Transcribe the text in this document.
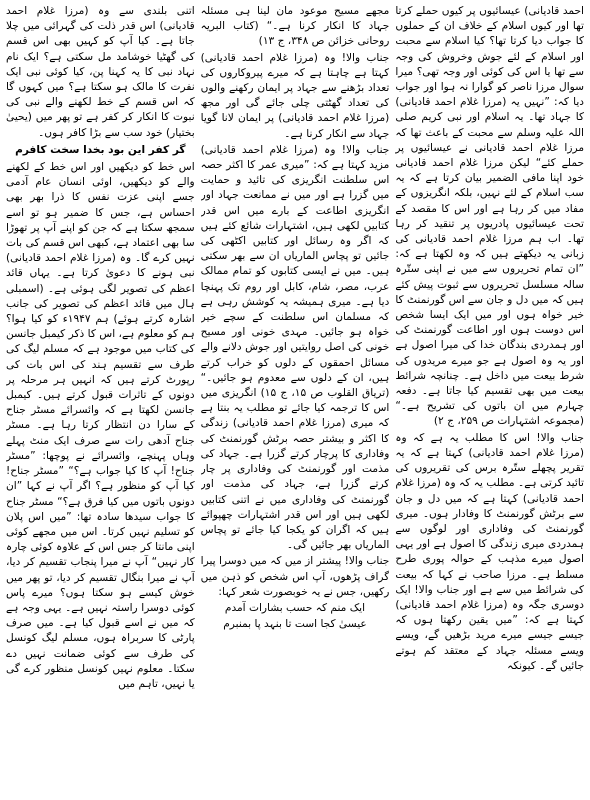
احمد قادیانی) عیسائیوں پر کیوں حملے کرتا تھا اور کیوں اسلام کے خلاف ان کے حملوں کا جواب دیا کرتا تھا؟ کیا اسلام سے محبت اور اسلام کے لئے جوش وخروش کی وجہ سے تھا یا اس کی کوئی اور وجہ تھی؟ میرا سوال مرزا ناصر کو گوارا نہ ہوا اور جواب دیا کہ: ”نہیں یہ (مرزا غلام احمد قادیانی) کا جہاد تھا۔ یہ اسلام اور نبی کریم صلی اللہ علیہ وسلم سے محبت کے باعث تھا کہ مرزا غلام احمد قادیانی نے عیسائیوں پر حملے کئے“ لیکن مرزا غلام احمد قادیانی خود اپنا مافی الضمیر بیان کرتا ہے کہ یہ سب اسلام کے لئے نہیں، بلکہ انگریزوں کے مفاد میں کر رہا ہے اور اس کا مقصد کے تحت عیسائیوں پادریوں پر تنقید کر رہا تھا۔ اب ہم مرزا غلام احمد قادیانی کی زبانی یہ دیکھتے ہیں کہ وہ لکھتا ہے کہ: ”ان تمام تحریروں سے میں نے اپنی ستّرہ سالہ مسلسل تحریروں سے ثبوت پیش کئے ہیں کہ میں دل و جان سے اس گورنمنٹ کا خیر خواہ ہوں اور میں ایک ایسا شخص اس دوست ہوں اور اطاعت گورنمنٹ کی اور ہمدردی بندگان خدا کی میرا اصول ہے اور یہ وہ اصول ہے جو میرے مریدوں کی شرط بیعت میں داخل ہے۔ چنانچہ شرائط بیعت میں بھی تقسیم کیا جاتا ہے۔ دفعہ چہارم میں ان باتوں کی تشریح ہے۔“ (مجموعہ اشتہارات ص ۲۵۹، ج ۲)

جناب والا! اس کا مطلب یہ ہے کہ وہ (مرزا غلام احمد قادیانی) کہتا ہے کہ یہ تقریر پچھلے ستّرہ برس کی تقریروں کی تائید کرتی ہے۔ مطلب یہ کہ وہ (مرزا غلام احمد قادیانی) کہتا ہے کہ میں دل و جان سے برٹش گورنمنٹ کا وفادار ہوں۔ میری گورنمنٹ کی وفاداری اور لوگوں سے ہمدردی میری زندگی کا اصول ہے اور یہی اصول میرے مذہب کے حوالہ پوری طرح مسلط ہے۔ مرزا صاحب نے کہا کہ بیعت کی شرائط میں سے ہے اور جناب والا! ایک دوسری جگہ وہ (مرزا غلام احمد قادیانی) کہتا ہے کہ: ”میں یقین رکھتا ہوں کہ جیسے جیسے میرے مرید بڑھیں گے، ویسے ویسے مسئلہ جہاد کے معتقد کم ہوتے جائیں گے۔ کیونکہ

مجھے مسیح موعود مان لینا ہی مسئلہ جہاد کا انکار کرنا ہے۔“ (کتاب البریہ روحانی خزائن ص ۳۴۸، ج ۱۳)

جناب والا! وہ (مرزا غلام احمد قادیانی) کہتا ہے چاہتا ہے کہ میرے پیروکاروں کی تعداد بڑھنے سے جہاد پر ایمان رکھنے والوں کی تعداد گھٹتی چلی جائے گی اور مجھ (مرزا غلام احمد قادیانی) پر ایمان لانا گویا جہاد سے انکار کرنا ہے۔

جناب والا! وہ (مرزا غلام احمد قادیانی) مزید کہتا ہے کہ: ”میری عمر کا اکثر حصہ اس سلطنت انگریزی کی تائید و حمایت میں گزرا ہے اور میں نے ممانعت جہاد اور انگریزی اطاعت کے بارے میں اس قدر کتابیں لکھی ہیں، اشتہارات شائع کئے ہیں کہ اگر وہ رسائل اور کتابیں اکٹھی کی جائیں تو پچاس الماریاں ان سے بھر سکتی ہیں۔ میں نے ایسی کتابوں کو تمام ممالک عرب، مصر، شام، کابل اور روم تک پہنچا دیا ہے۔ میری ہمیشہ یہ کوشش رہی ہے کہ مسلمان اس سلطنت کے سچے خیر خواہ ہو جائیں۔ مہدی خونی اور مسیح خونی کی اصل روایتیں اور جوش دلانے والے مسائل احمقوں کے دلوں کو خراب کرتے ہیں، ان کے دلوں سے معدوم ہو جائیں۔“ (تریاق القلوب ص ۱۵، ج ۱۵) انگریزی میں اس کا ترجمہ کیا جائے تو مطلب یہ بنتا ہے کہ میری (مرزا غلام احمد قادیانی) زندگی کا اکثر و بیشتر حصہ برٹش گورنمنٹ کی وفاداری کا پرچار کرتے گزرا ہے۔ جہاد کی مذمت اور گورنمنٹ کی وفاداری پر چار کرتے گزرا ہے، جہاد کی مذمت اور گورنمنٹ کی وفاداری میں نے اتنی کتابیں لکھی ہیں اور اس قدر اشتہارات چھپوائے ہیں کہ اگران کو یکجا کیا جائے تو پچاس الماریاں بھر جائیں گی۔

جناب والا! پیشتر از میں کہ میں دوسرا پیرا گراف پڑھوں، آپ اس شخص کو ذہن میں رکھیں، جس نے یہ خوبصورت شعر کہا:

ایک منم کہ حسب بشارات آمدم

عیسیٰ کجا است تا بنہد پا بمنبرم

اتنی بلندی سے وہ (مرزا غلام احمد قادیانی) اس قدر ذلت کی گہرائی میں چلا جاتا ہے۔ کیا آپ کو کہیں بھی اس قسم کی گھٹیا خوشامد مل سکتی ہے؟ ایک نام نہاد نبی کا یہ کہنا پن، کیا کوئی نبی ایک نفرت کا مالک ہو سکتا ہے؟ میں کہوں گا کہ اس قسم کے خط لکھنے والے نبی کی نبوت کا انکار کر کفر ہے تو پھر میں (یحییٰ بختیار) خود سب سے بڑا کافر ہوں۔

گر کفر این بود بخدا سخت کافرم

اس خط کو دیکھیں اور اس خط کے لکھنے والے کو دیکھیں، اوئی انسان عام آدمی جسے اپنی عزت نفس کا ذرا بھر بھی احساس ہے، جس کا ضمیر ہو تو اسے سمجھ سکتا ہے کہ جن کو اپنے آپ پر تھوڑا سا بھی اعتماد ہے، کبھی اس قسم کی بات نہیں کرے گا۔ وہ (مرزا غلام احمد قادیانی) نبی ہونے کا دعویٰ کرتا ہے۔ یہاں قائد اعظم کی تصویر لگی ہوئی ہے۔ (اسمبلی ہال میں قائد اعظم کی تصویر کی جانب اشارہ کرتے ہوئے) ہم ۱۹۴۷ء کو کیا ہوا؟ ہم کو معلوم ہے، اس کا ذکر کیمبل جانسن کی کتاب میں موجود ہے کہ مسلم لیگ کی طرف سے تقسیم ہند کی اس بات کی رپورٹ کرتے ہیں کہ انہیں ہر مرحلہ پر دونوں کے تاثرات قبول کرتے ہیں۔ کیمبل جانسن لکھتا ہے کہ وائسرائے مسٹر جناح کے سارا دن انتظار کرتا رہا ہے۔ مسٹر جناح آدھی رات سے صرف ایک منٹ پہلے وہاں پہنچے، وائسرائے نے پوچھا: ”مسٹر جناح! آپ کا کیا جواب ہے؟“ ”مسٹر جناح! کیا آپ کو منظور ہے؟ اگر آپ نے کہا ”ان دونوں باتوں میں کیا فرق ہے؟“ مسٹر جناح کا جواب سیدھا سادہ تھا: ”میں اس پلان کو تسلیم نہیں کرتا۔ اس میں مجھے کوئی اپنی مانتا کر جس اس کے علاوہ کوئی چارہ کار نہیں“ آپ نے میرا پنجاب تقسیم کر دیا، آپ نے میرا بنگال تقسیم کر دیا، تو پھر میں خوش کیسے ہو سکتا ہوں؟ میرے پاس کوئی دوسرا راستہ نہیں ہے۔ یہی وجہ ہے کہ میں نے اسے قبول کیا ہے۔ میں صرف پارٹی کا سربراہ ہوں، مسلم لیگ کونسل کی طرف سے کوئی ضمانت نہیں دے سکتا۔ معلوم نہیں کونسل منظور کرے گی یا نہیں، تاہم میں
